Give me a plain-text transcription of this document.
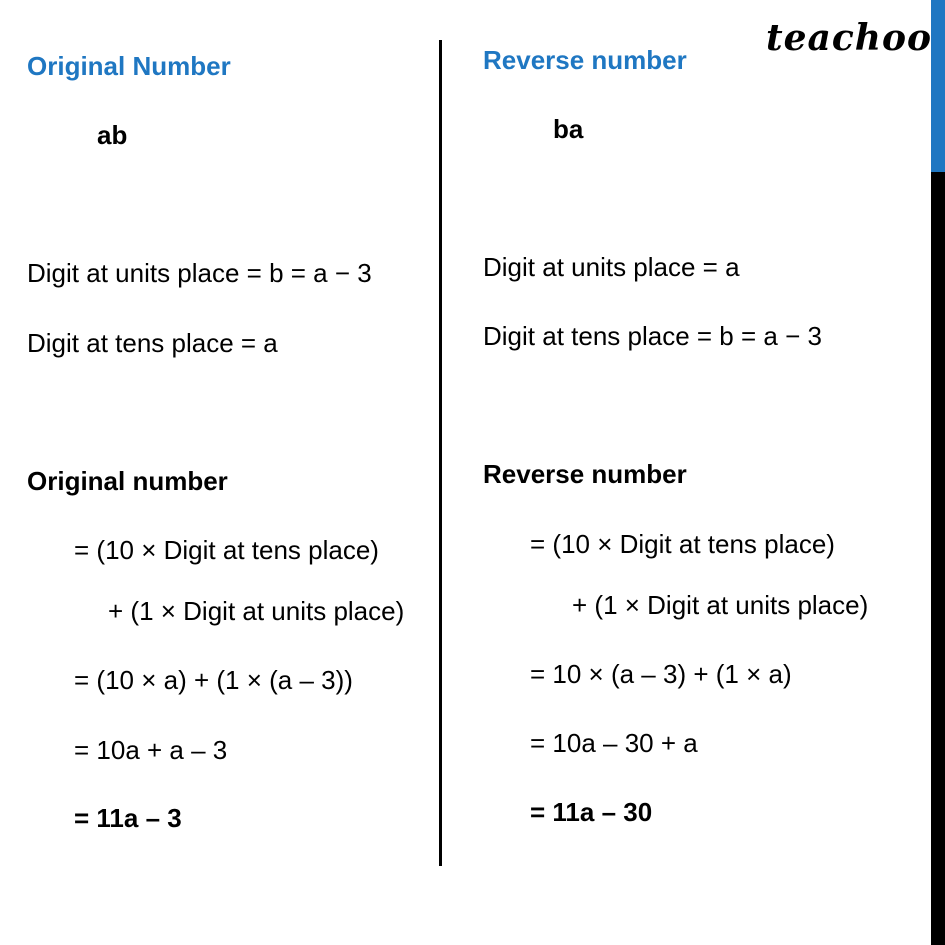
teachoo
Original Number
ab
Digit at units place = b = a − 3
Digit at tens place = a
Original number
= (10 × Digit at tens place)
+ (1 × Digit at units place)
= (10 × a) + (1 × (a – 3))
= 10a + a – 3
= 11a – 3
Reverse number
ba
Digit at units place = a
Digit at tens place = b = a − 3
Reverse number
= (10 × Digit at tens place)
+ (1 × Digit at units place)
= 10 × (a – 3) + (1 × a)
= 10a – 30 + a
= 11a – 30
